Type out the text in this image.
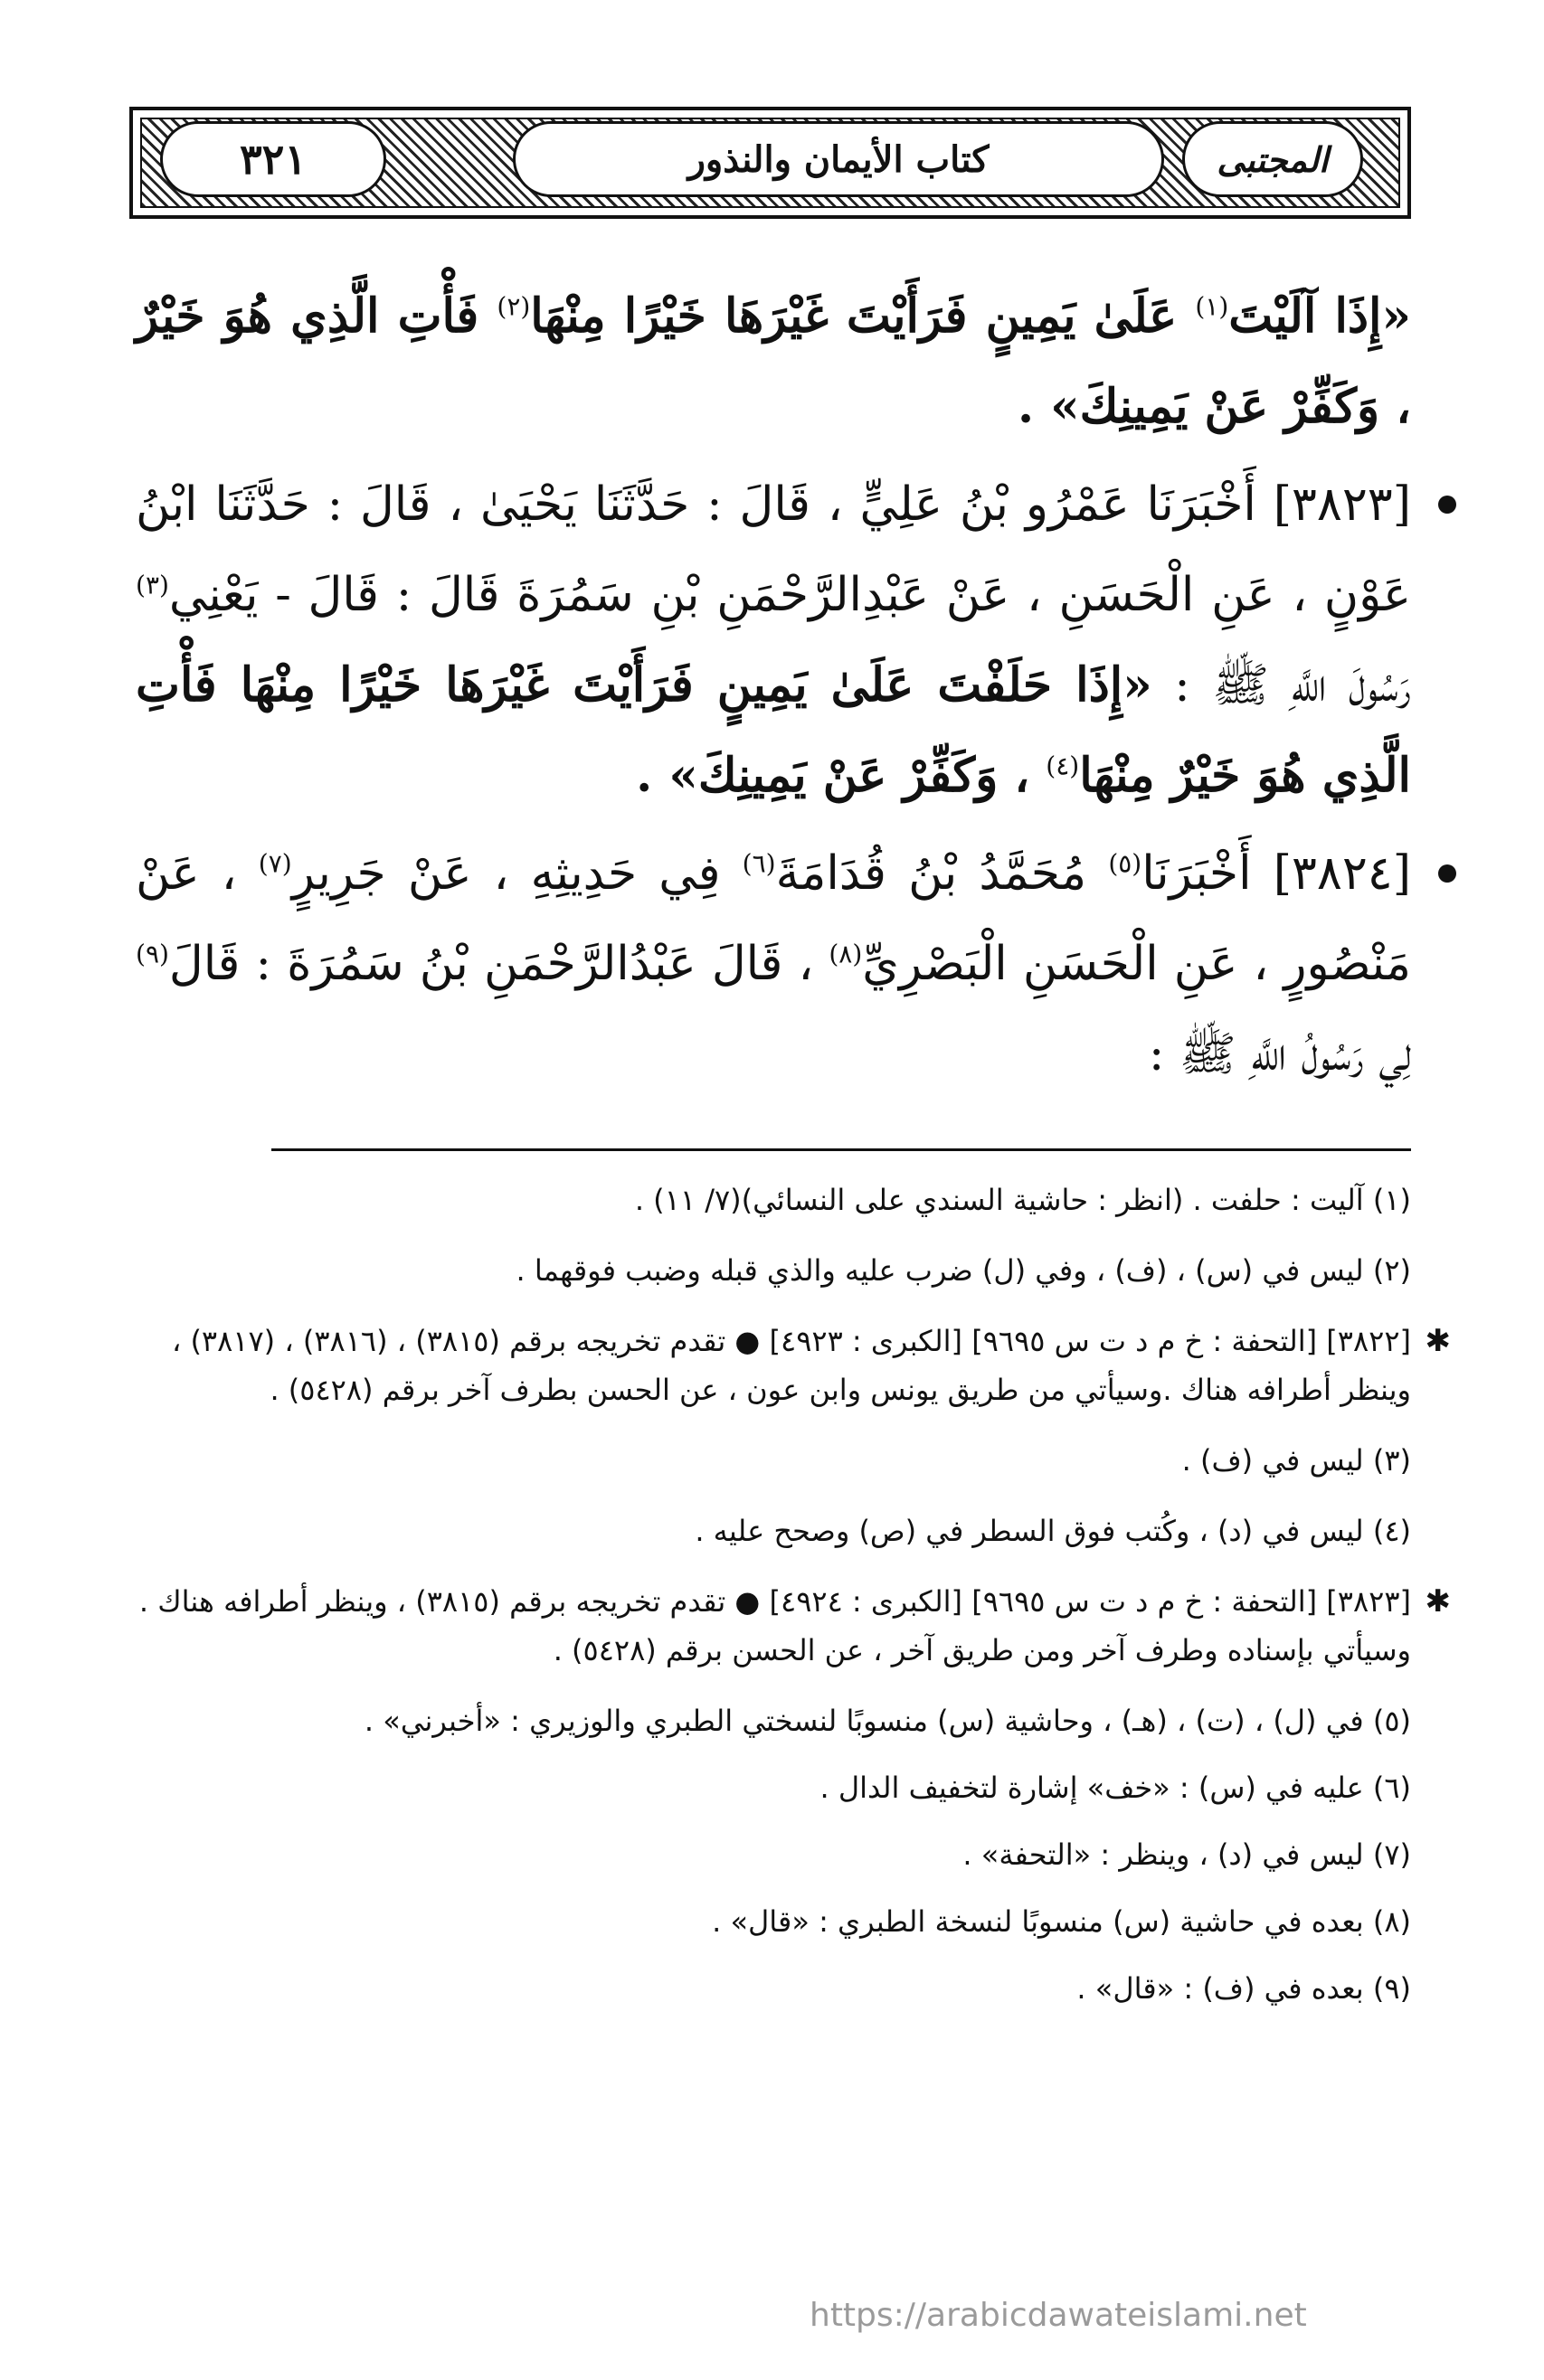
٣٢١	كتاب الأيمان والنذور	المجتبى

«إِذَا آلَيْتَ$^{(١)}$ عَلَىٰ يَمِينٍ فَرَأَيْتَ غَيْرَهَا خَيْرًا مِنْهَا$^{(٢)}$ فَأْتِ الَّذِي هُوَ خَيْرٌ ، وَكَفِّرْ عَنْ يَمِينِكَ» .

[٣٨٢٣] أَخْبَرَنَا عَمْرُو بْنُ عَلِيٍّ ، قَالَ : حَدَّثَنَا يَحْيَىٰ ، قَالَ : حَدَّثَنَا ابْنُ عَوْنٍ ، عَنِ الْحَسَنِ ، عَنْ عَبْدِالرَّحْمَنِ بْنِ سَمُرَةَ قَالَ : قَالَ - يَعْنِي$^{(٣)}$ رَسُولَ اللَّهِ ﷺ : «إِذَا حَلَفْتَ عَلَىٰ يَمِينٍ فَرَأَيْتَ غَيْرَهَا خَيْرًا مِنْهَا فَأْتِ الَّذِي هُوَ خَيْرٌ مِنْهَا$^{(٤)}$ ، وَكَفِّرْ عَنْ يَمِينِكَ» .

[٣٨٢٤] أَخْبَرَنَا$^{(٥)}$ مُحَمَّدُ بْنُ قُدَامَةَ$^{(٦)}$ فِي حَدِيثِهِ ، عَنْ جَرِيرٍ$^{(٧)}$ ، عَنْ مَنْصُورٍ ، عَنِ الْحَسَنِ الْبَصْرِيِّ$^{(٨)}$ ، قَالَ عَبْدُالرَّحْمَنِ بْنُ سَمُرَةَ : قَالَ$^{(٩)}$ لِي رَسُولُ اللَّهِ ﷺ :

(١) آليت : حلفت . (انظر : حاشية السندي على النسائي)(٧/ ١١) .

(٢) ليس في (س) ، (ف) ، وفي (ل) ضرب عليه والذي قبله وضبب فوقهما .

✱
[٣٨٢٢] [التحفة : خ م د ت س ٩٦٩٥] [الكبرى : ٤٩٢٣] ● تقدم تخريجه برقم (٣٨١٥) ، (٣٨١٦) ، (٣٨١٧) ، وينظر أطرافه هناك .وسيأتي من طريق يونس وابن عون ، عن الحسن بطرف آخر برقم (٥٤٢٨) .

(٣) ليس في (ف) .

(٤) ليس في (د) ، وكُتب فوق السطر في (ص) وصحح عليه .

✱
[٣٨٢٣] [التحفة : خ م د ت س ٩٦٩٥] [الكبرى : ٤٩٢٤] ● تقدم تخريجه برقم (٣٨١٥) ، وينظر أطرافه هناك . وسيأتي بإسناده وطرف آخر ومن طريق آخر ، عن الحسن برقم (٥٤٢٨) .

(٥) في (ل) ، (ت) ، (هـ) ، وحاشية (س) منسوبًا لنسختي الطبري والوزيري : «أخبرني» .

(٦) عليه في (س) : «خف» إشارة لتخفيف الدال .

(٧) ليس في (د) ، وينظر : «التحفة» .

(٨) بعده في حاشية (س) منسوبًا لنسخة الطبري : «قال» .

(٩) بعده في (ف) : «قال» .

https://arabicdawateislami.net
